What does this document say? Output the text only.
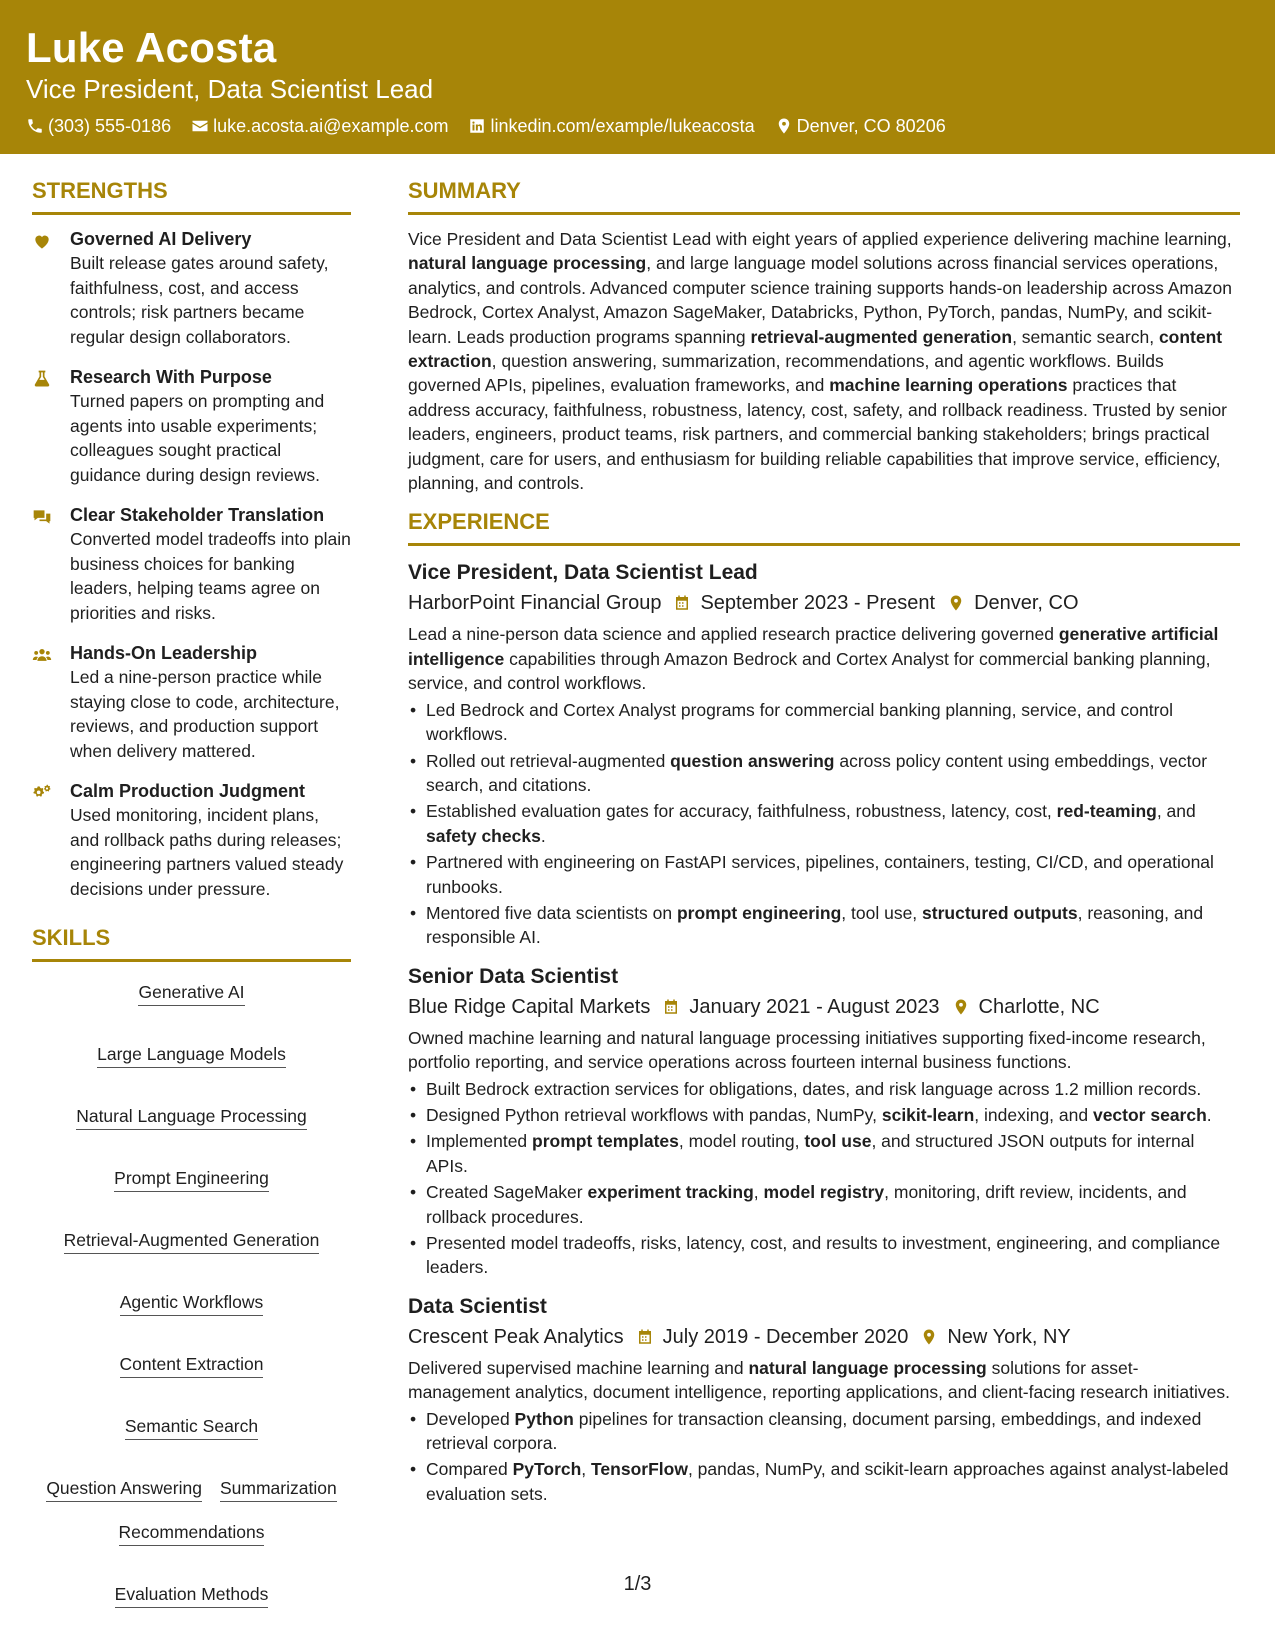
Luke Acosta
Vice President, Data Scientist Lead
(303) 555-0186 luke.acosta.ai@example.com linkedin.com/example/lukeacosta Denver, CO 80206
STRENGTHS
Governed AI Delivery
Built release gates around safety, faithfulness, cost, and access controls; risk partners became regular design collaborators.
Research With Purpose
Turned papers on prompting and agents into usable experiments; colleagues sought practical guidance during design reviews.
Clear Stakeholder Translation
Converted model tradeoffs into plain business choices for banking leaders, helping teams agree on priorities and risks.
Hands-On Leadership
Led a nine-person practice while staying close to code, architecture, reviews, and production support when delivery mattered.
Calm Production Judgment
Used monitoring, incident plans, and rollback paths during releases; engineering partners valued steady decisions under pressure.
SKILLS
Generative AI
Large Language Models
Natural Language Processing
Prompt Engineering
Retrieval-Augmented Generation
Agentic Workflows
Content Extraction
Semantic Search
Question Answering Summarization
Recommendations
Evaluation Methods
SUMMARY
Vice President and Data Scientist Lead with eight years of applied experience delivering machine learning, natural language processing, and large language model solutions across financial services operations, analytics, and controls. Advanced computer science training supports hands-on leadership across Amazon Bedrock, Cortex Analyst, Amazon SageMaker, Databricks, Python, PyTorch, pandas, NumPy, and scikit-learn. Leads production programs spanning retrieval-augmented generation, semantic search, content extraction, question answering, summarization, recommendations, and agentic workflows. Builds governed APIs, pipelines, evaluation frameworks, and machine learning operations practices that address accuracy, faithfulness, robustness, latency, cost, safety, and rollback readiness. Trusted by senior leaders, engineers, product teams, risk partners, and commercial banking stakeholders; brings practical judgment, care for users, and enthusiasm for building reliable capabilities that improve service, efficiency, planning, and controls.
EXPERIENCE
Vice President, Data Scientist Lead
HarborPoint Financial Group September 2023 - Present Denver, CO
Lead a nine-person data science and applied research practice delivering governed generative artificial intelligence capabilities through Amazon Bedrock and Cortex Analyst for commercial banking planning, service, and control workflows.
• Led Bedrock and Cortex Analyst programs for commercial banking planning, service, and control workflows.
• Rolled out retrieval-augmented question answering across policy content using embeddings, vector search, and citations.
• Established evaluation gates for accuracy, faithfulness, robustness, latency, cost, red-teaming, and safety checks.
• Partnered with engineering on FastAPI services, pipelines, containers, testing, CI/CD, and operational runbooks.
• Mentored five data scientists on prompt engineering, tool use, structured outputs, reasoning, and responsible AI.
Senior Data Scientist
Blue Ridge Capital Markets January 2021 - August 2023 Charlotte, NC
Owned machine learning and natural language processing initiatives supporting fixed-income research, portfolio reporting, and service operations across fourteen internal business functions.
• Built Bedrock extraction services for obligations, dates, and risk language across 1.2 million records.
• Designed Python retrieval workflows with pandas, NumPy, scikit-learn, indexing, and vector search.
• Implemented prompt templates, model routing, tool use, and structured JSON outputs for internal APIs.
• Created SageMaker experiment tracking, model registry, monitoring, drift review, incidents, and rollback procedures.
• Presented model tradeoffs, risks, latency, cost, and results to investment, engineering, and compliance leaders.
Data Scientist
Crescent Peak Analytics July 2019 - December 2020 New York, NY
Delivered supervised machine learning and natural language processing solutions for asset-management analytics, document intelligence, reporting applications, and client-facing research initiatives.
• Developed Python pipelines for transaction cleansing, document parsing, embeddings, and indexed retrieval corpora.
• Compared PyTorch, TensorFlow, pandas, NumPy, and scikit-learn approaches against analyst-labeled evaluation sets.
1/3
